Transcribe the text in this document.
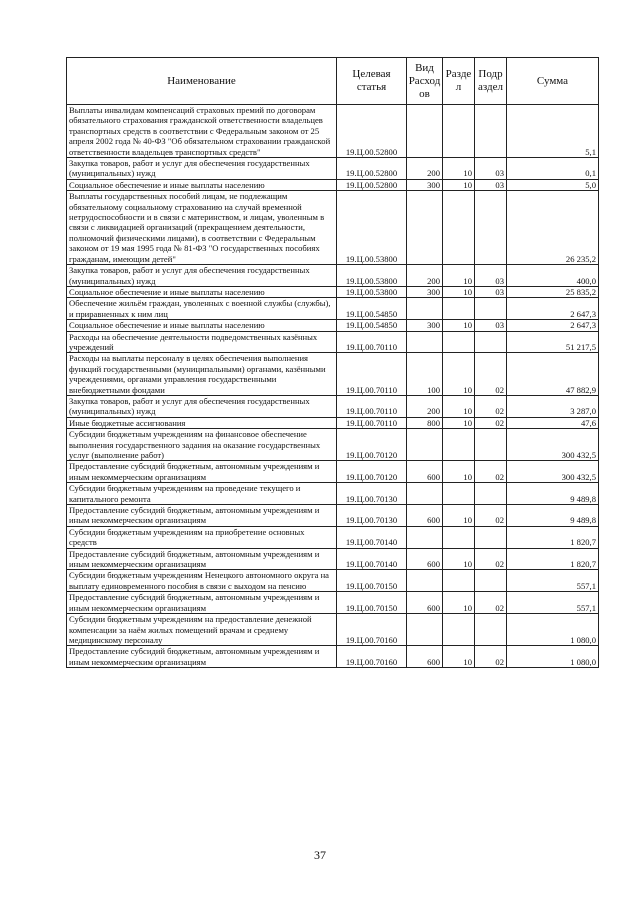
Наименование	Целевая статья	Вид Расход ов	Разде л	Подр аздел	Сумма
Выплаты инвалидам компенсаций страховых премий по договорам обязательного страхования гражданской ответственности владельцев транспортных средств в соответствии с Федеральным законом от 25 апреля 2002 года № 40-ФЗ "Об обязательном страховании гражданской ответственности владельцев транспортных средств"	19.Ц.00.52800				5,1
Закупка товаров, работ и услуг для обеспечения государственных (муниципальных) нужд	19.Ц.00.52800	200	10	03	0,1
Социальное обеспечение и иные выплаты населению	19.Ц.00.52800	300	10	03	5,0
Выплаты государственных пособий лицам, не подлежащим обязательному социальному страхованию на случай временной нетрудоспособности и в связи с материнством, и лицам, уволенным в связи с ликвидацией организаций (прекращением деятельности, полномочий физическими лицами), в соответствии с Федеральным законом от 19 мая 1995 года № 81-ФЗ "О государственных пособиях гражданам, имеющим детей"	19.Ц.00.53800				26 235,2
Закупка товаров, работ и услуг для обеспечения государственных (муниципальных) нужд	19.Ц.00.53800	200	10	03	400,0
Социальное обеспечение и иные выплаты населению	19.Ц.00.53800	300	10	03	25 835,2
Обеспечение жильём граждан, уволенных с военной службы (службы), и приравненных к ним лиц	19.Ц.00.54850				2 647,3
Социальное обеспечение и иные выплаты населению	19.Ц.00.54850	300	10	03	2 647,3
Расходы на обеспечение деятельности подведомственных казённых учреждений	19.Ц.00.70110				51 217,5
Расходы на выплаты персоналу в целях обеспечения выполнения функций государственными (муниципальными) органами, казёнными учреждениями, органами управления государственными внебюджетными фондами	19.Ц.00.70110	100	10	02	47 882,9
Закупка товаров, работ и услуг для обеспечения государственных (муниципальных) нужд	19.Ц.00.70110	200	10	02	3 287,0
Иные бюджетные ассигнования	19.Ц.00.70110	800	10	02	47,6
Субсидии бюджетным учреждениям на финансовое обеспечение выполнения государственного задания на оказание государственных услуг (выполнение работ)	19.Ц.00.70120				300 432,5
Предоставление субсидий бюджетным, автономным учреждениям и иным некоммерческим организациям	19.Ц.00.70120	600	10	02	300 432,5
Субсидии бюджетным учреждениям на проведение текущего и капитального ремонта	19.Ц.00.70130				9 489,8
Предоставление субсидий бюджетным, автономным учреждениям и иным некоммерческим организациям	19.Ц.00.70130	600	10	02	9 489,8
Субсидии бюджетным учреждениям на приобретение основных средств	19.Ц.00.70140				1 820,7
Предоставление субсидий бюджетным, автономным учреждениям и иным некоммерческим организациям	19.Ц.00.70140	600	10	02	1 820,7
Субсидии бюджетным учреждениям Ненецкого автономного округа на выплату единовременного пособия в связи с выходом на пенсию	19.Ц.00.70150				557,1
Предоставление субсидий бюджетным, автономным учреждениям и иным некоммерческим организациям	19.Ц.00.70150	600	10	02	557,1
Субсидии бюджетным учреждениям на предоставление денежной компенсации за наём жилых помещений врачам и среднему медицинскому персоналу	19.Ц.00.70160				1 080,0
Предоставление субсидий бюджетным, автономным учреждениям и иным некоммерческим организациям	19.Ц.00.70160	600	10	02	1 080,0
37
